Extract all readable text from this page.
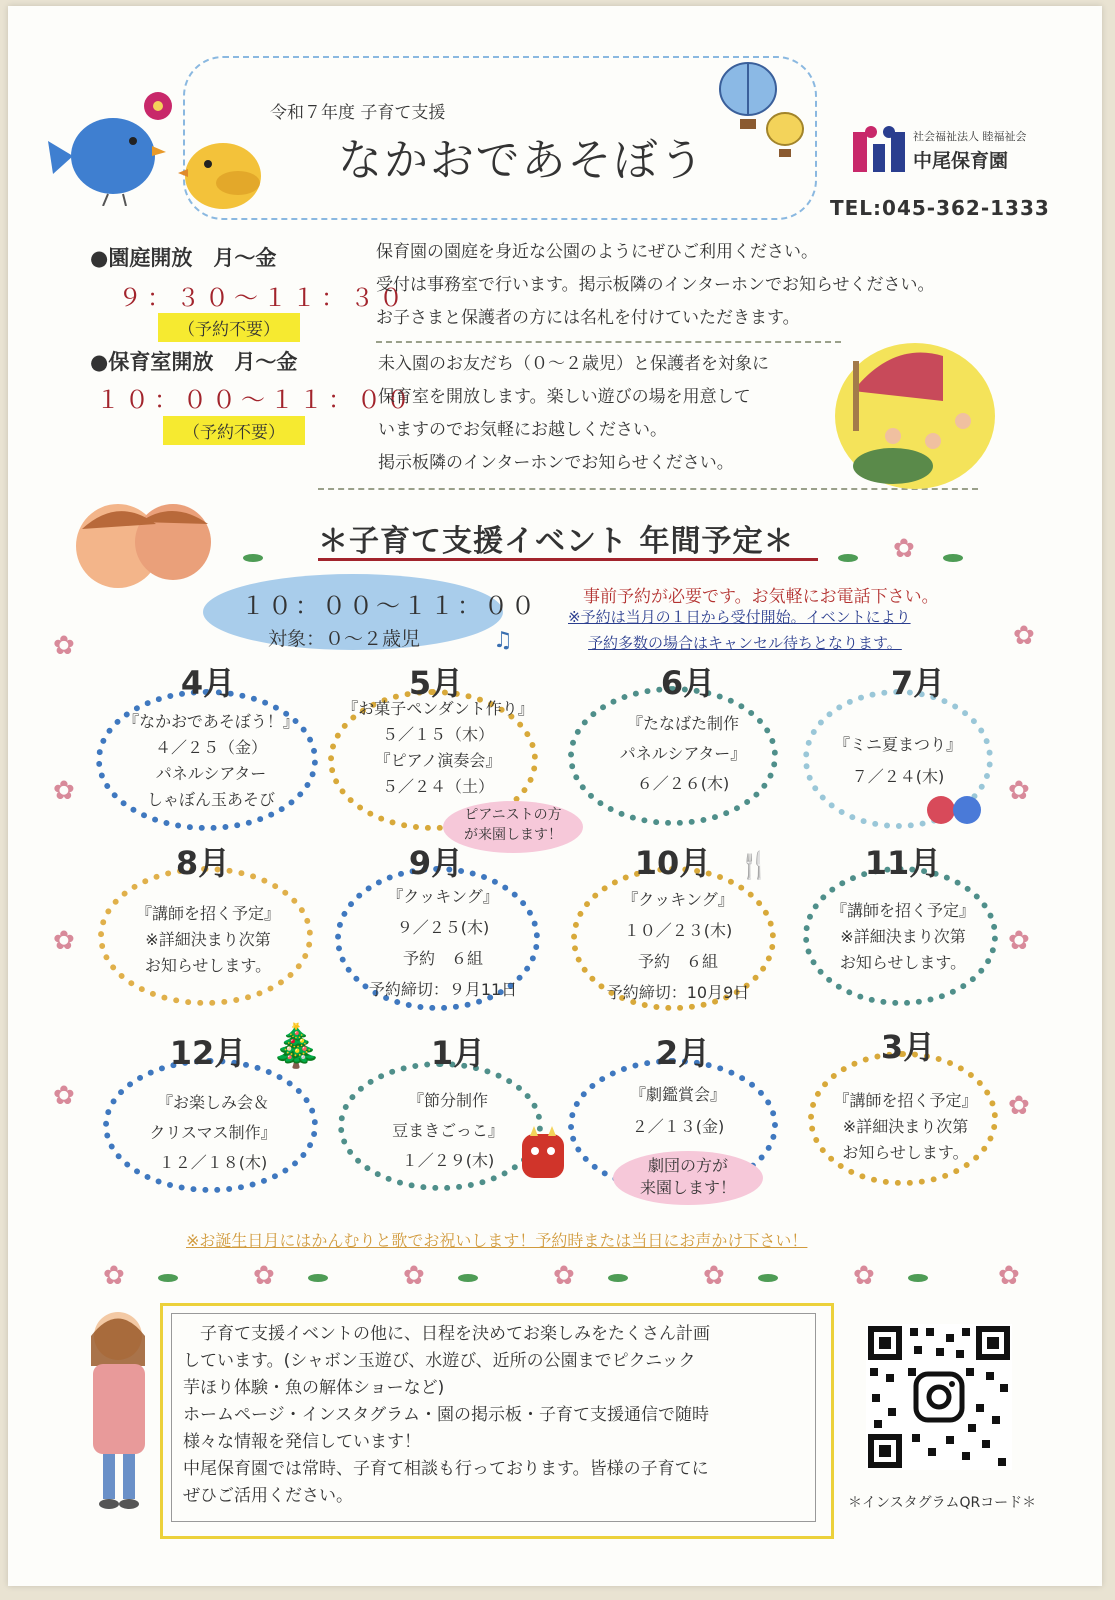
令和７年度 子育て支援
なかおであそぼう	社会福祉法人 睦福祉会
中尾保育園
TEL:045-362-1333
●園庭開放　月〜金
９：３０〜１１：３０
（予約不要）
保育園の園庭を身近な公園のようにぜひご利用ください。
受付は事務室で行います。掲示板隣のインターホンでお知らせください。
お子さまと保護者の方には名札を付けていただきます。
●保育室開放　月〜金
１０：００〜１１：００
（予約不要）
未入園のお友だち（０〜２歳児）と保護者を対象に
保育室を開放します。楽しい遊びの場を用意して
いますのでお気軽にお越しください。
掲示板隣のインターホンでお知らせください。
＊子育て支援イベント 年間予定＊
１０：００〜１１：００
対象：０〜２歳児	♫
事前予約が必要です。お気軽にお電話下さい。
※予約は当月の１日から受付開始。イベントにより
予約多数の場合はキャンセル待ちとなります。
4月
『なかおであそぼう！』
４／２５（金）
パネルシアター
しゃぼん玉あそび
5月
『お菓子ペンダント作り』
５／１５（木）
『ピアノ演奏会』
５／２４（土）
ピアニストの方
が来園します！
6月
『たなばた制作
パネルシアター』
６／２６(木)
7月
『ミニ夏まつり』
７／２４(木)
8月
『講師を招く予定』
※詳細決まり次第
お知らせします。
9月
『クッキング』
９／２５(木)
予約　６組
予約締切：９月11日
10月
『クッキング』
１０／２３(木)
予約　６組
予約締切：10月9日
🍴	11月
『講師を招く予定』
※詳細決まり次第
お知らせします。
12月
『お楽しみ会＆
クリスマス制作』
１２／１８(木)
🎄	1月
『節分制作
豆まきごっこ』
１／２９(木)
2月
『劇鑑賞会』
２／１３(金)
劇団の方が
来園します！
3月
『講師を招く予定』
※詳細決まり次第
お知らせします。
※お誕生日月にはかんむりと歌でお祝いします！予約時または当日にお声かけ下さい！
✿
✿
✿
✿
✿
✿
✿
✿
✿
✿	✿	✿	✿	✿	✿	✿
　子育て支援イベントの他に、日程を決めてお楽しみをたくさん計画
しています。(シャボン玉遊び、水遊び、近所の公園までピクニック
芋ほり体験・魚の解体ショーなど)
ホームページ・インスタグラム・園の掲示板・子育て支援通信で随時
様々な情報を発信しています！
中尾保育園では常時、子育て相談も行っております。皆様の子育てに
ぜひご活用ください。	＊インスタグラムQRコード＊
